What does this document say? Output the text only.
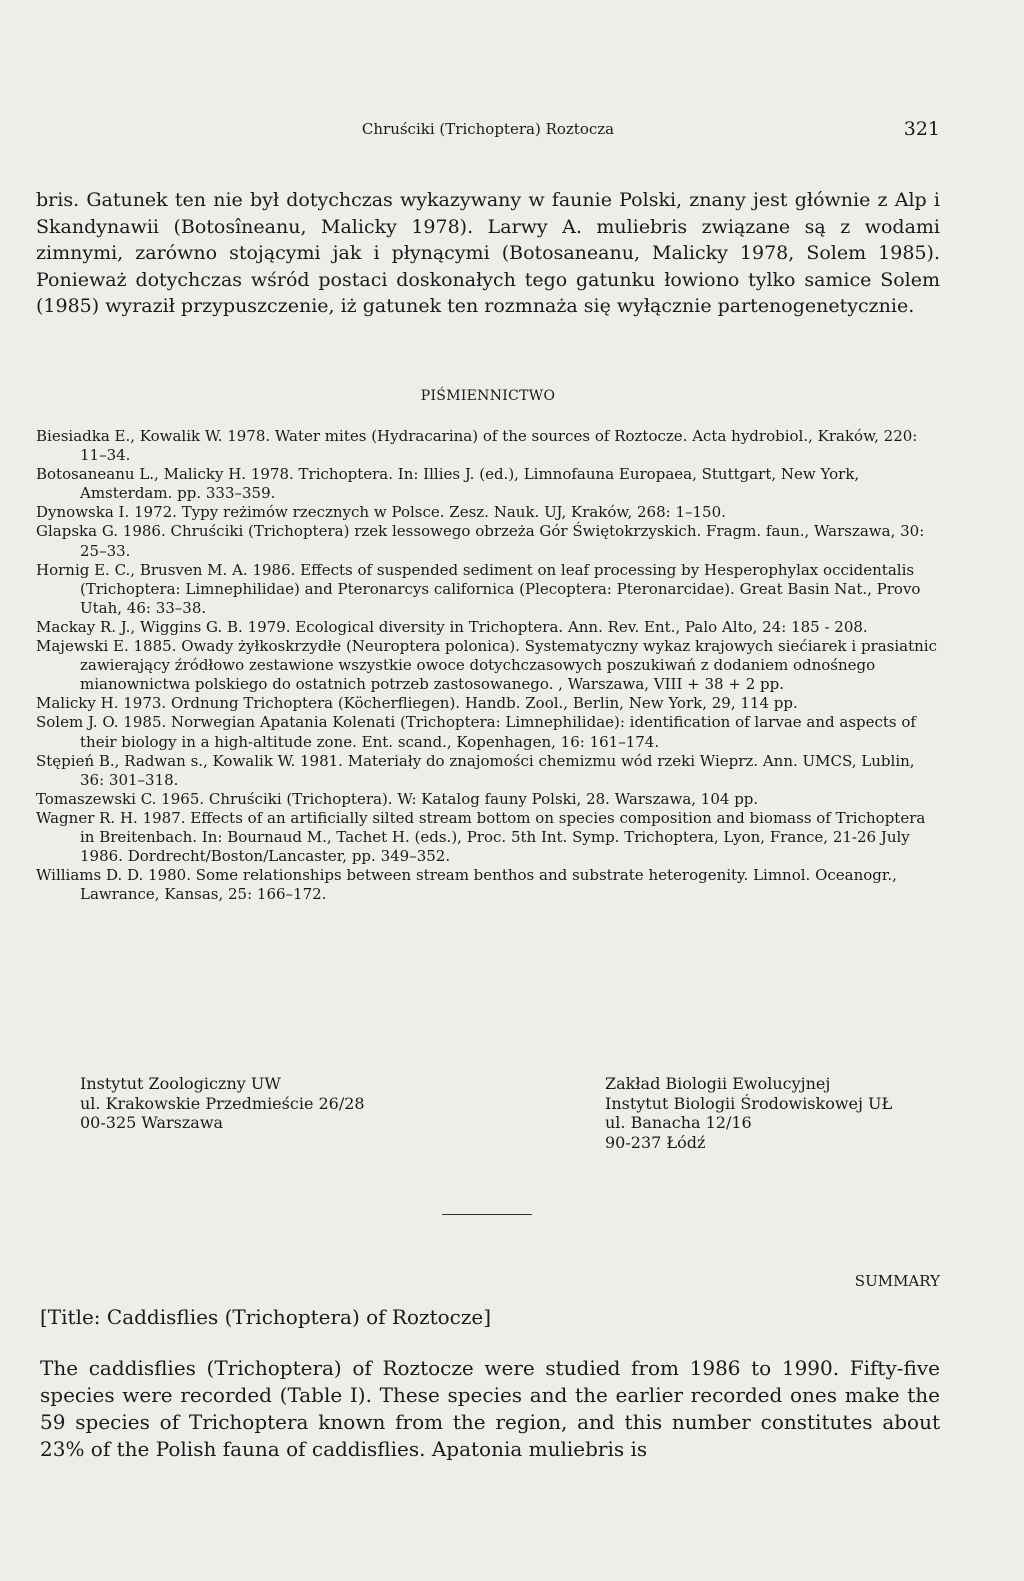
Chruściki (Trichoptera) Roztocza	321

bris. Gatunek ten nie był dotychczas wykazywany w faunie Polski, znany jest głównie z Alp i Skandynawii (Botosîneanu, Malicky 1978). Larwy A. muliebris związane są z wodami zimnymi, zarówno stojącymi jak i płynącymi (Botosaneanu, Malicky 1978, Solem 1985). Ponieważ dotychczas wśród postaci doskonałych tego gatunku łowiono tylko samice Solem (1985) wyraził przypuszczenie, iż gatunek ten rozmnaża się wyłącznie partenogenetycznie.

PIŚMIENNICTWO

Biesiadka E., Kowalik W. 1978. Water mites (Hydracarina) of the sources of Roztocze. Acta hydrobiol., Kraków, 220: 11–34.

Botosaneanu L., Malicky H. 1978. Trichoptera. In: Illies J. (ed.), Limnofauna Europaea, Stuttgart, New York, Amsterdam. pp. 333–359.

Dynowska I. 1972. Typy reżimów rzecznych w Polsce. Zesz. Nauk. UJ, Kraków, 268: 1–150.

Glapska G. 1986. Chruściki (Trichoptera) rzek lessowego obrzeża Gór Świętokrzyskich. Fragm. faun., Warszawa, 30: 25–33.

Hornig E. C., Brusven M. A. 1986. Effects of suspended sediment on leaf processing by Hesperophylax occidentalis (Trichoptera: Limnephilidae) and Pteronarcys californica (Plecoptera: Pteronarcidae). Great Basin Nat., Provo Utah, 46: 33–38.

Mackay R. J., Wiggins G. B. 1979. Ecological diversity in Trichoptera. Ann. Rev. Ent., Palo Alto, 24: 185 - 208.

Majewski E. 1885. Owady żyłkoskrzydłe (Neuroptera polonica). Systematyczny wykaz krajowych siećiarek i prasiatnic zawierający źródłowo zestawione wszystkie owoce dotychczasowych poszukiwań z dodaniem odnośnego mianownictwa polskiego do ostatnich potrzeb zastosowanego. , Warszawa, VIII + 38 + 2 pp.

Malicky H. 1973. Ordnung Trichoptera (Köcherfliegen). Handb. Zool., Berlin, New York, 29, 114 pp.

Solem J. O. 1985. Norwegian Apatania Kolenati (Trichoptera: Limnephilidae): identification of larvae and aspects of their biology in a high-altitude zone. Ent. scand., Kopenhagen, 16: 161–174.

Stępień B., Radwan s., Kowalik W. 1981. Materiały do znajomości chemizmu wód rzeki Wieprz. Ann. UMCS, Lublin, 36: 301–318.

Tomaszewski C. 1965. Chruściki (Trichoptera). W: Katalog fauny Polski, 28. Warszawa, 104 pp.

Wagner R. H. 1987. Effects of an artificially silted stream bottom on species composition and biomass of Trichoptera in Breitenbach. In: Bournaud M., Tachet H. (eds.), Proc. 5th Int. Symp. Trichoptera, Lyon, France, 21-26 July 1986. Dordrecht/Boston/Lancaster, pp. 349–352.

Williams D. D. 1980. Some relationships between stream benthos and substrate heterogenity. Limnol. Oceanogr., Lawrance, Kansas, 25: 166–172.

Instytut Zoologiczny UW
ul. Krakowskie Przedmieście 26/28
00-325 Warszawa
Zakład Biologii Ewolucyjnej
Instytut Biologii Środowiskowej UŁ
ul. Banacha 12/16
90-237 Łódź
SUMMARY
[Title: Caddisflies (Trichoptera) of Roztocze]

The caddisflies (Trichoptera) of Roztocze were studied from 1986 to 1990. Fifty-five species were recorded (Table I). These species and the earlier recorded ones make the 59 species of Trichoptera known from the region, and this number constitutes about 23% of the Polish fauna of caddisflies. Apatonia muliebris is
